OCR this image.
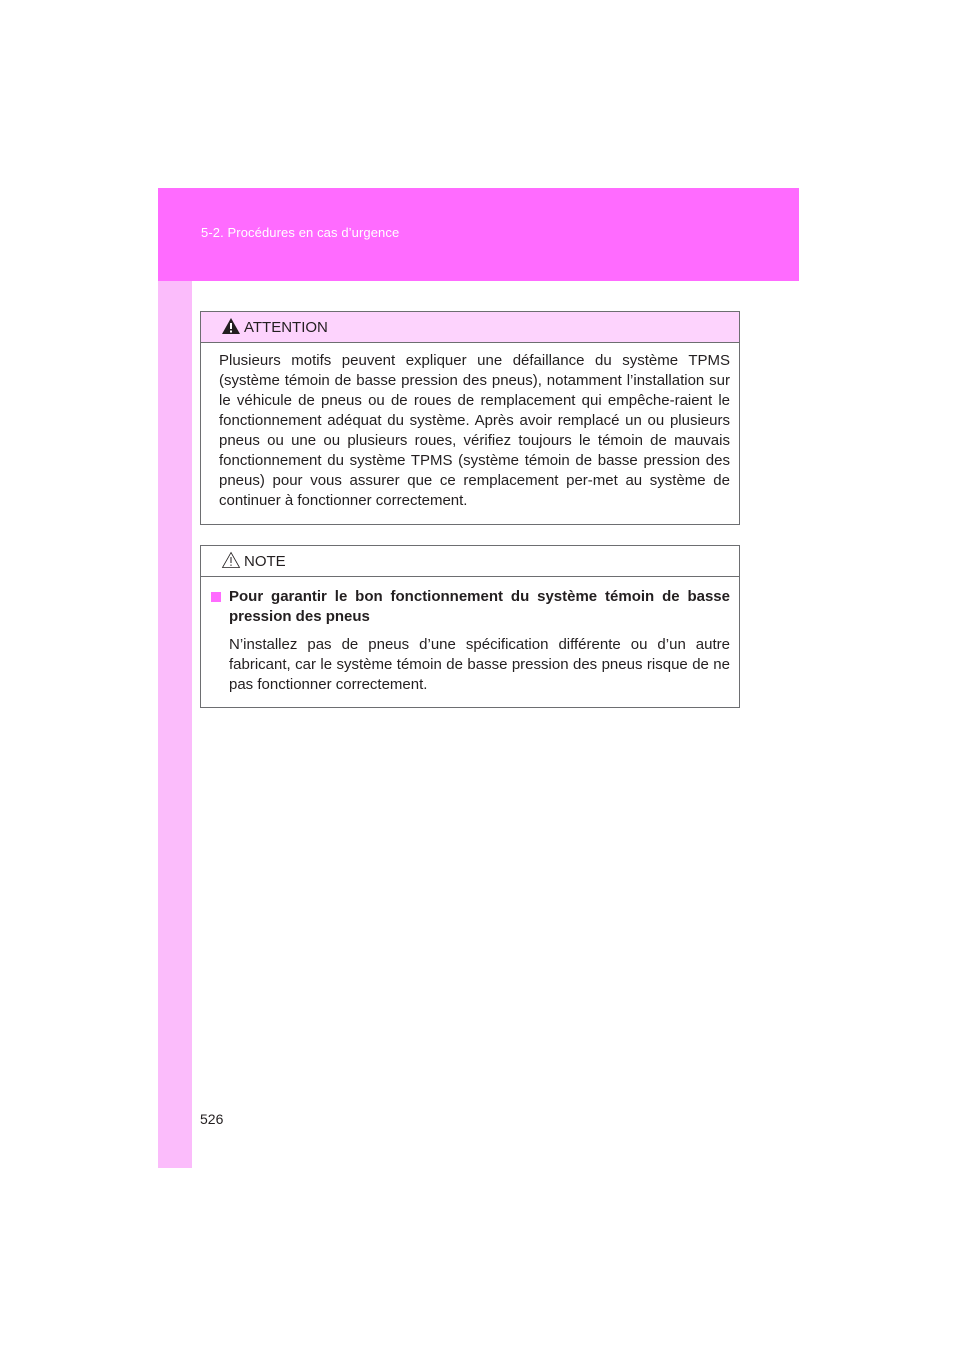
5-2. Procédures en cas d’urgence
ATTENTION
Plusieurs motifs peuvent expliquer une défaillance du système TPMS (système témoin de basse pression des pneus), notamment l’installation sur le véhicule de pneus ou de roues de remplacement qui empêche-raient le fonctionnement adéquat du système. Après avoir remplacé un ou plusieurs pneus ou une ou plusieurs roues, vérifiez toujours le témoin de mauvais fonctionnement du système TPMS (système témoin de basse pression des pneus) pour vous assurer que ce remplacement per-met au système de continuer à fonctionner correctement.
NOTE
Pour garantir le bon fonctionnement du système témoin de basse pression des pneus
N’installez pas de pneus d’une spécification différente ou d’un autre fabricant, car le système témoin de basse pression des pneus risque de ne pas fonctionner correctement.
526
